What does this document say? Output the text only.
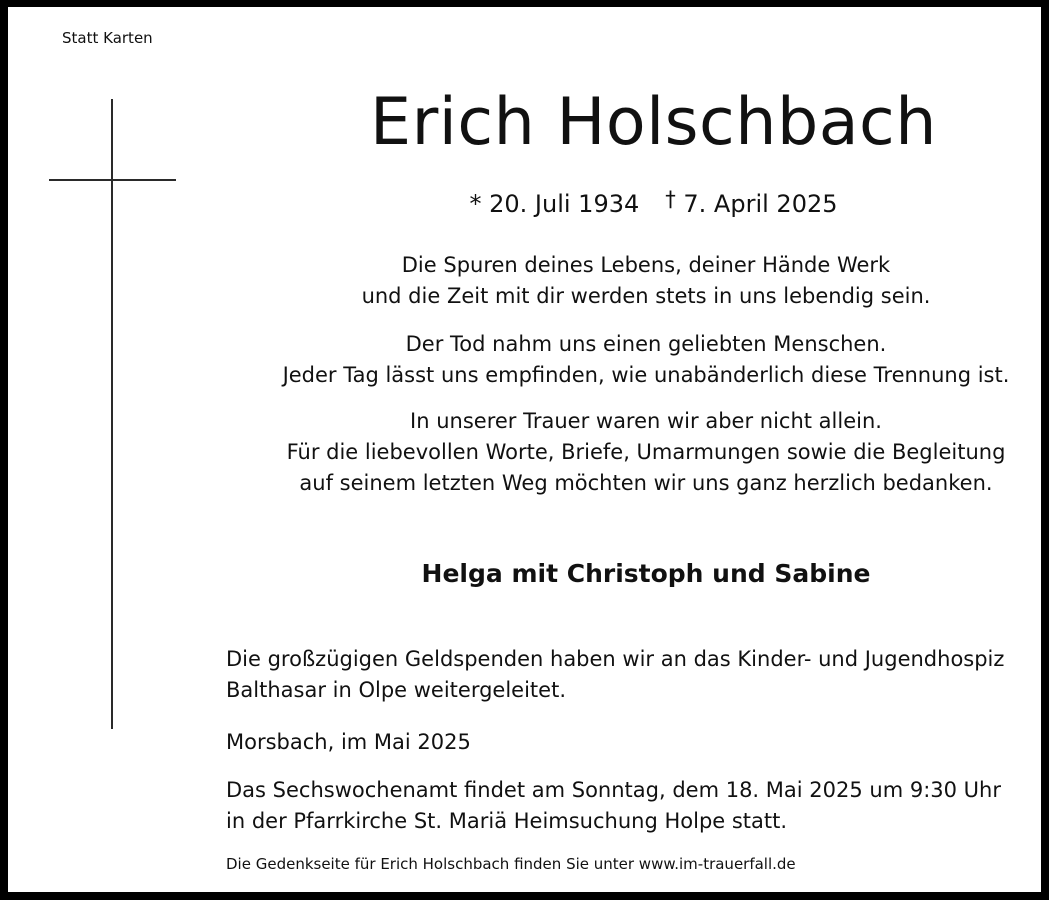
Statt Karten
Erich Holschbach
* 20. Juli 1934 † 7. April 2025
Die Spuren deines Lebens, deiner Hände Werk
und die Zeit mit dir werden stets in uns lebendig sein.
Der Tod nahm uns einen geliebten Menschen.
Jeder Tag lässt uns empfinden, wie unabänderlich diese Trennung ist.
In unserer Trauer waren wir aber nicht allein.
Für die liebevollen Worte, Briefe, Umarmungen sowie die Begleitung
auf seinem letzten Weg möchten wir uns ganz herzlich bedanken.
Helga mit Christoph und Sabine
Die großzügigen Geldspenden haben wir an das Kinder- und Jugendhospiz
Balthasar in Olpe weitergeleitet.
Morsbach, im Mai 2025
Das Sechswochenamt findet am Sonntag, dem 18. Mai 2025 um 9:30 Uhr
in der Pfarrkirche St. Mariä Heimsuchung Holpe statt.
Die Gedenkseite für Erich Holschbach finden Sie unter www.im-trauerfall.de
